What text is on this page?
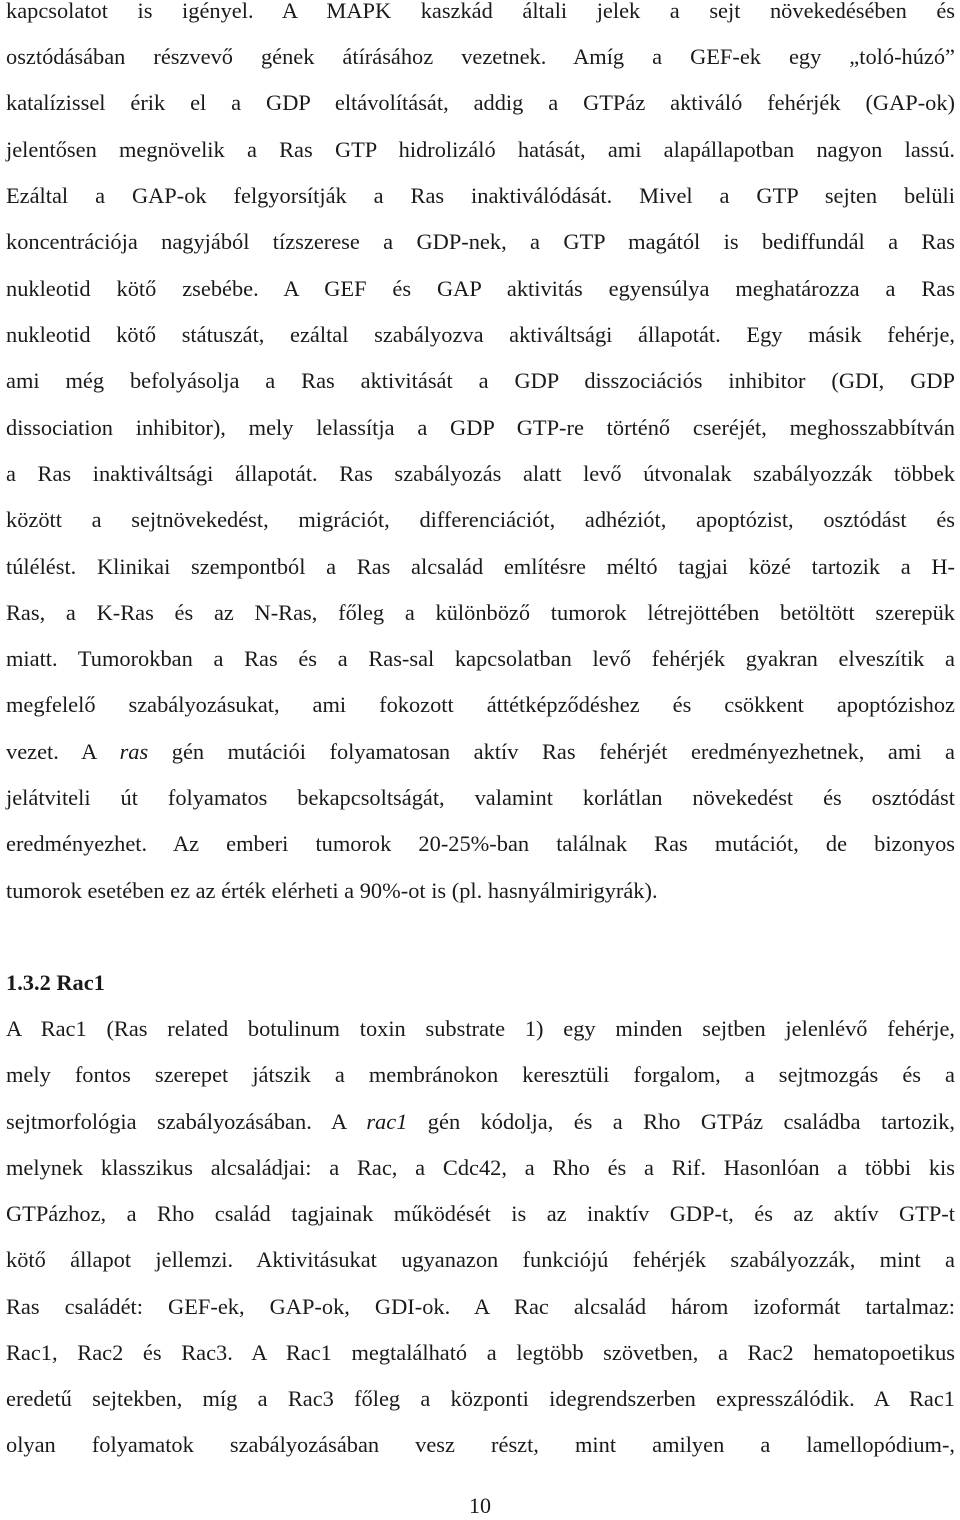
kapcsolatot is igényel. A MAPK kaszkád általi jelek a sejt növekedésében és
osztódásában részvevő gének átírásához vezetnek. Amíg a GEF-ek egy „toló-húzó”
katalízissel érik el a GDP eltávolítását, addig a GTPáz aktiváló fehérjék (GAP-ok)
jelentősen megnövelik a Ras GTP hidrolizáló hatását, ami alapállapotban nagyon lassú.
Ezáltal a GAP-ok felgyorsítják a Ras inaktiválódását. Mivel a GTP sejten belüli
koncentrációja nagyjából tízszerese a GDP-nek, a GTP magától is bediffundál a Ras
nukleotid kötő zsebébe. A GEF és GAP aktivitás egyensúlya meghatározza a Ras
nukleotid kötő státuszát, ezáltal szabályozva aktiváltsági állapotát. Egy másik fehérje,
ami még befolyásolja a Ras aktivitását a GDP disszociációs inhibitor (GDI, GDP
dissociation inhibitor), mely lelassítja a GDP GTP-re történő cseréjét, meghosszabbítván
a Ras inaktiváltsági állapotát. Ras szabályozás alatt levő útvonalak szabályozzák többek
között a sejtnövekedést, migrációt, differenciációt, adhéziót, apoptózist, osztódást és
túlélést. Klinikai szempontból a Ras alcsalád említésre méltó tagjai közé tartozik a H-
Ras, a K-Ras és az N-Ras, főleg a különböző tumorok létrejöttében betöltött szerepük
miatt. Tumorokban a Ras és a Ras-sal kapcsolatban levő fehérjék gyakran elveszítik a
megfelelő szabályozásukat, ami fokozott áttétképződéshez és csökkent apoptózishoz
vezet. A ras gén mutációi folyamatosan aktív Ras fehérjét eredményezhetnek, ami a
jelátviteli út folyamatos bekapcsoltságát, valamint korlátlan növekedést és osztódást
eredményezhet. Az emberi tumorok 20-25%-ban találnak Ras mutációt, de bizonyos
tumorok esetében ez az érték elérheti a 90%-ot is (pl. hasnyálmirigyrák).
1.3.2 Rac1
A Rac1 (Ras related botulinum toxin substrate 1) egy minden sejtben jelenlévő fehérje,
mely fontos szerepet játszik a membránokon keresztüli forgalom, a sejtmozgás és a
sejtmorfológia szabályozásában. A rac1 gén kódolja, és a Rho GTPáz családba tartozik,
melynek klasszikus alcsaládjai: a Rac, a Cdc42, a Rho és a Rif. Hasonlóan a többi kis
GTPázhoz, a Rho család tagjainak működését is az inaktív GDP-t, és az aktív GTP-t
kötő állapot jellemzi. Aktivitásukat ugyanazon funkciójú fehérjék szabályozzák, mint a
Ras családét: GEF-ek, GAP-ok, GDI-ok. A Rac alcsalád három izoformát tartalmaz:
Rac1, Rac2 és Rac3. A Rac1 megtalálható a legtöbb szövetben, a Rac2 hematopoetikus
eredetű sejtekben, míg a Rac3 főleg a központi idegrendszerben expresszálódik. A Rac1
olyan folyamatok szabályozásában vesz részt, mint amilyen a lamellopódium-,
10
